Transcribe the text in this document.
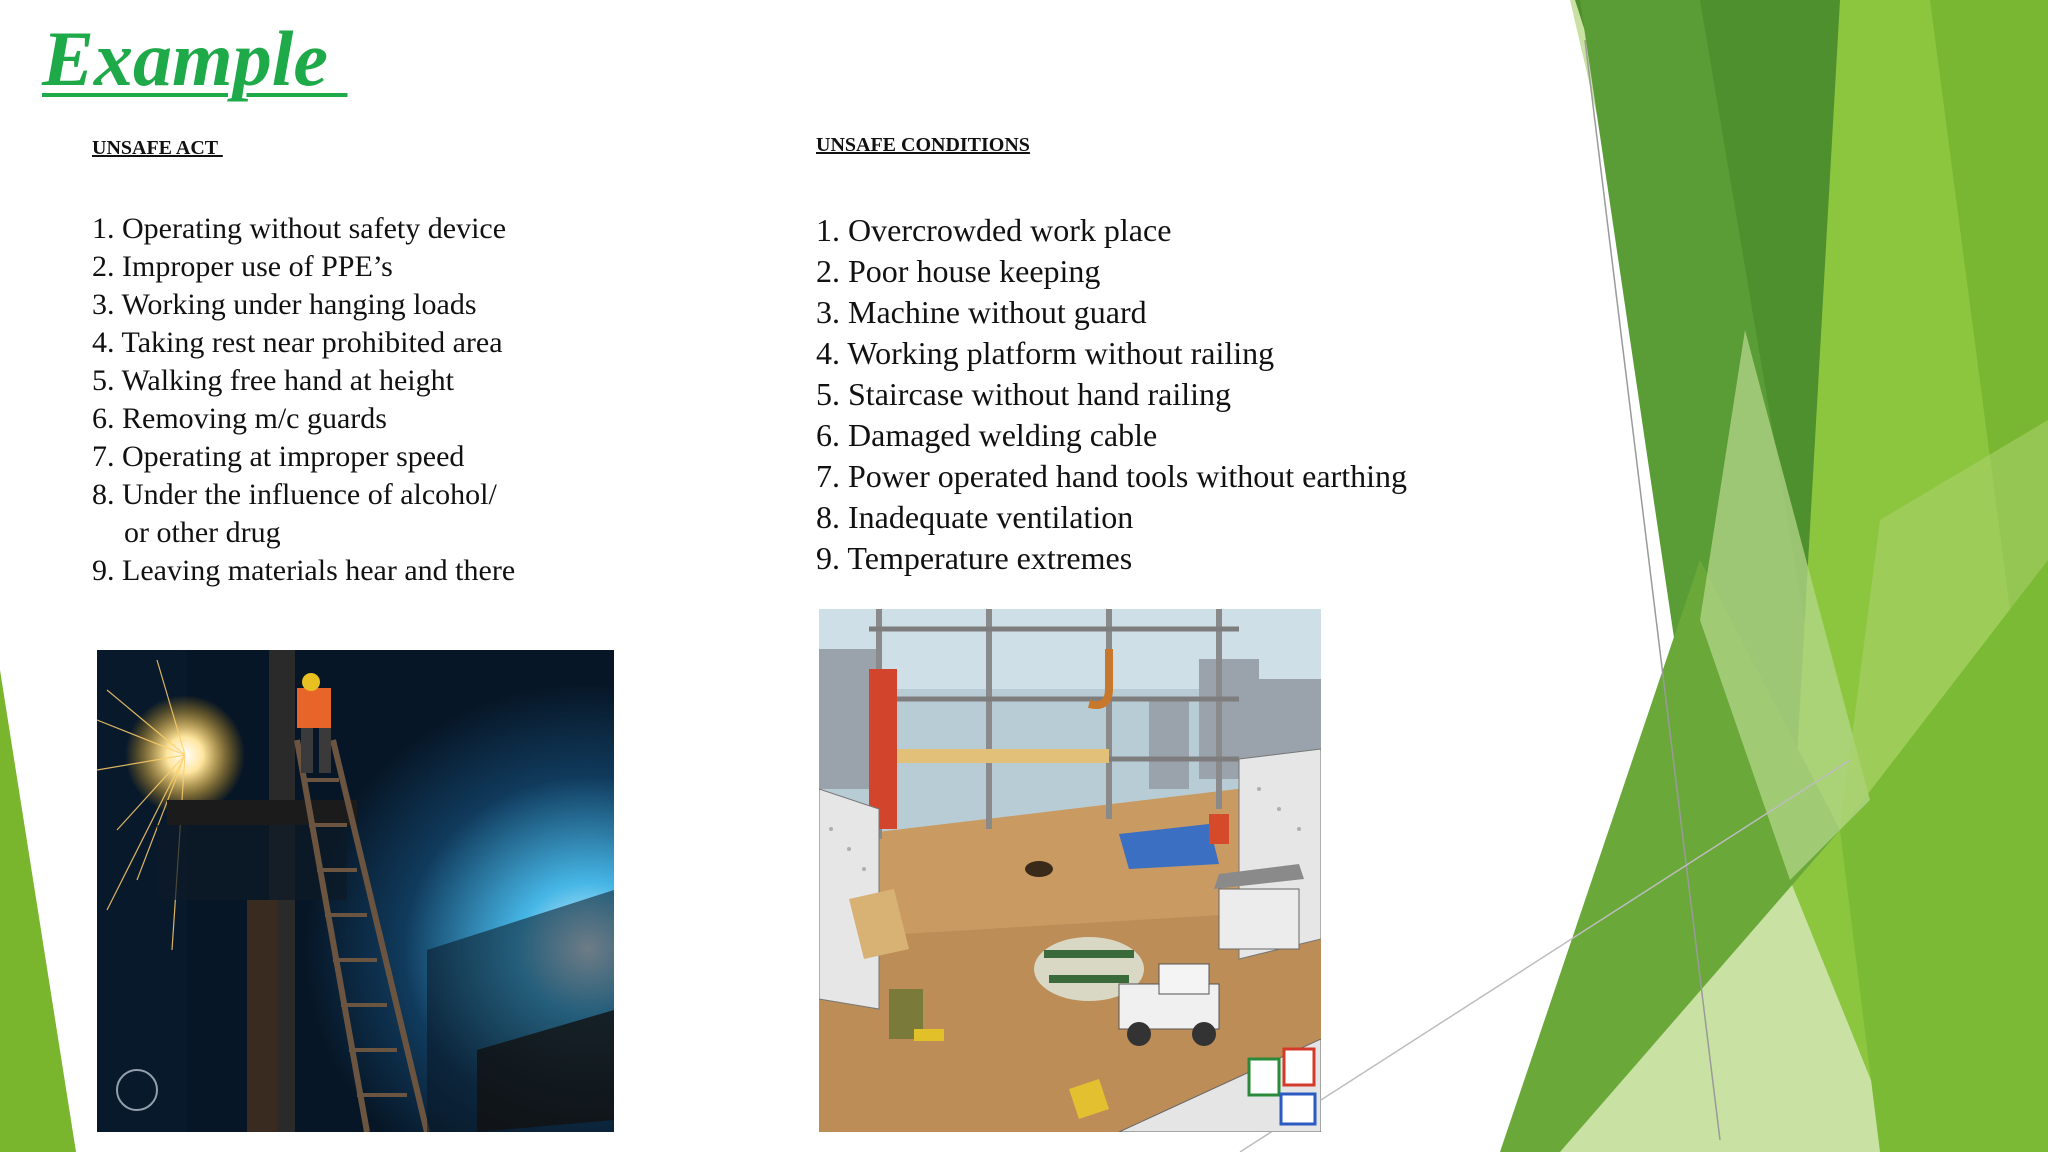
Example
UNSAFE ACT	UNSAFE CONDITIONS
1. Operating without safety device
2. Improper use of PPE’s
3. Working under hanging loads
4. Taking rest near prohibited area
5. Walking free hand at height
6. Removing m/c guards
7. Operating at improper speed
8. Under the influence of alcohol/
or other drug
9. Leaving materials hear and there
1. Overcrowded work place
2. Poor house keeping
3. Machine without guard
4. Working platform without railing
5. Staircase without hand railing
6. Damaged welding cable
7. Power operated hand tools without earthing
8. Inadequate ventilation
9. Temperature extremes
